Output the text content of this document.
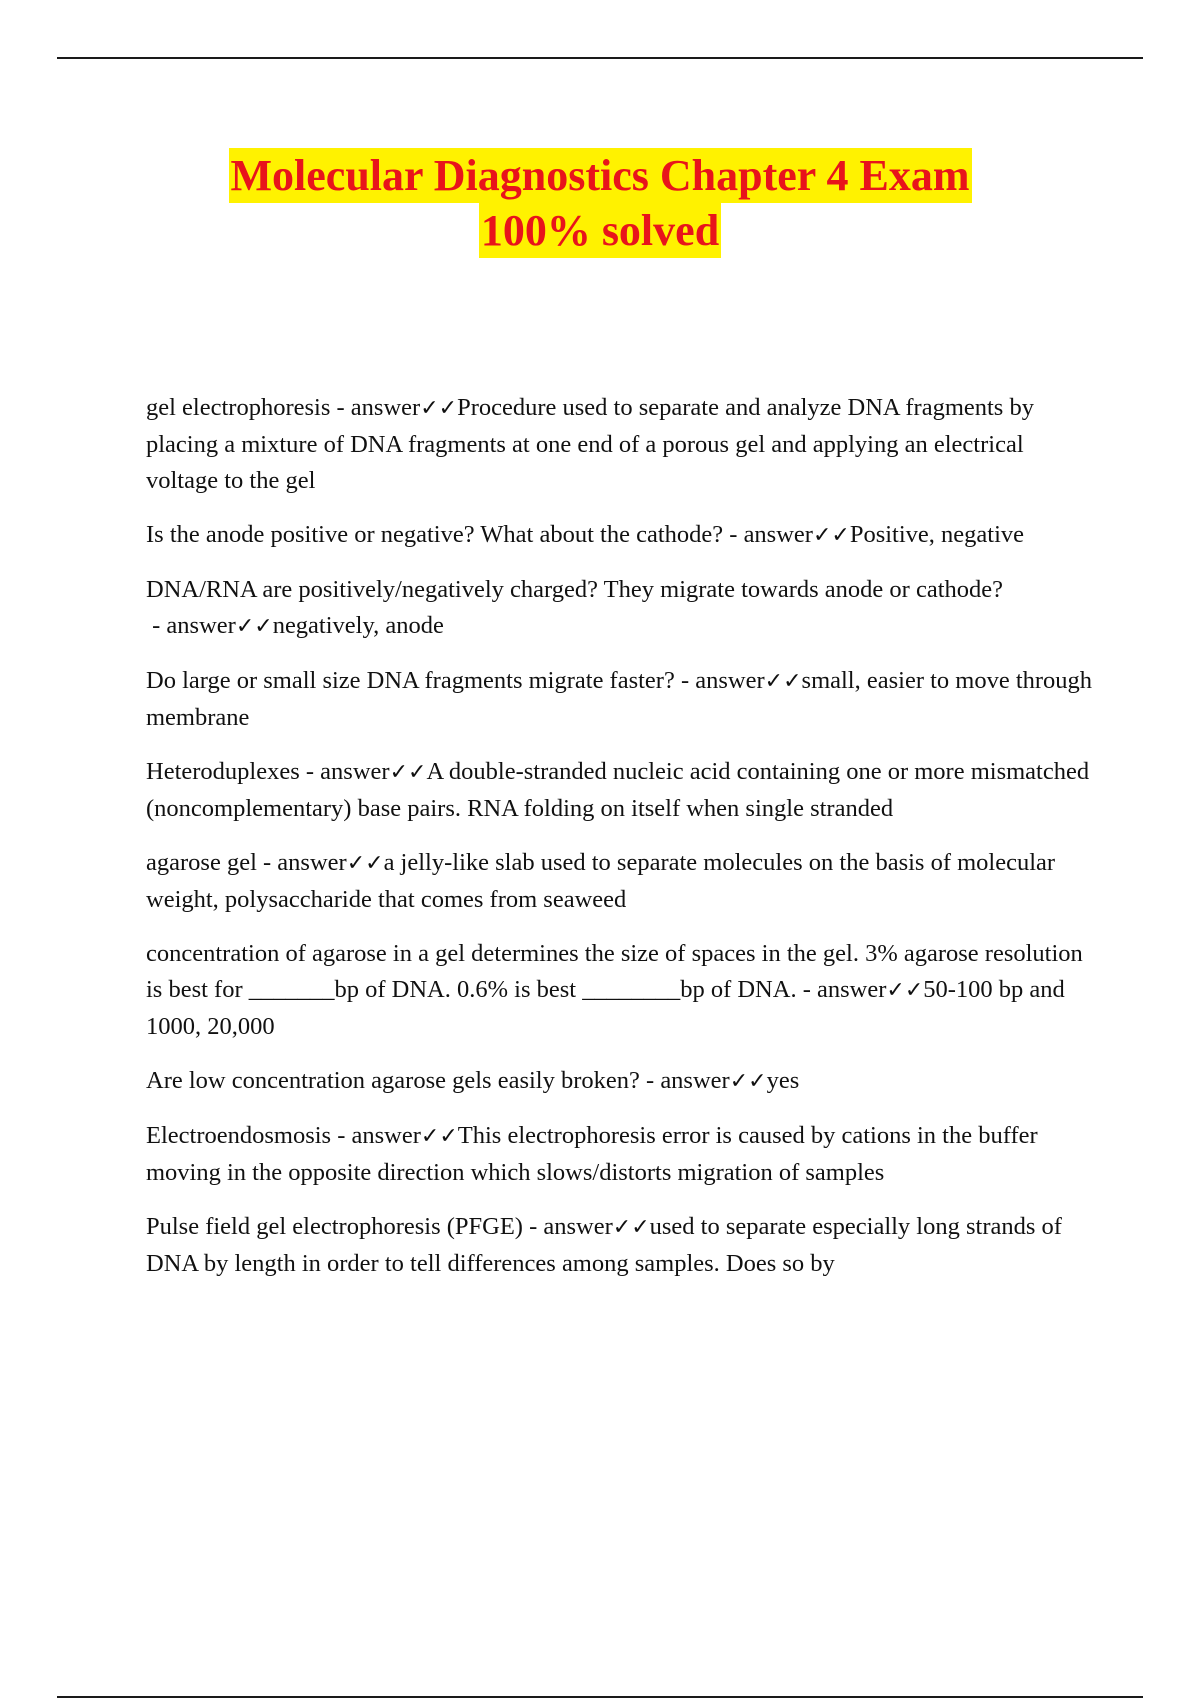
Molecular Diagnostics Chapter 4 Exam
100% solved

gel electrophoresis - answer✓✓Procedure used to separate and analyze DNA fragments by placing a mixture of DNA fragments at one end of a porous gel and applying an electrical voltage to the gel

Is the anode positive or negative? What about the cathode? - answer✓✓Positive, negative

DNA/RNA are positively/negatively charged? They migrate towards anode or cathode? - answer✓✓negatively, anode

Do large or small size DNA fragments migrate faster? - answer✓✓small, easier to move through membrane

Heteroduplexes - answer✓✓A double-stranded nucleic acid containing one or more mismatched (noncomplementary) base pairs. RNA folding on itself when single stranded

agarose gel - answer✓✓a jelly-like slab used to separate molecules on the basis of molecular weight, polysaccharide that comes from seaweed

concentration of agarose in a gel determines the size of spaces in the gel. 3% agarose resolution is best for _______bp of DNA. 0.6% is best ________bp of DNA. - answer✓✓50-100 bp and 1000, 20,000

Are low concentration agarose gels easily broken? - answer✓✓yes

Electroendosmosis - answer✓✓This electrophoresis error is caused by cations in the buffer moving in the opposite direction which slows/distorts migration of samples

Pulse field gel electrophoresis (PFGE) - answer✓✓used to separate especially long strands of DNA by length in order to tell differences among samples. Does so by
